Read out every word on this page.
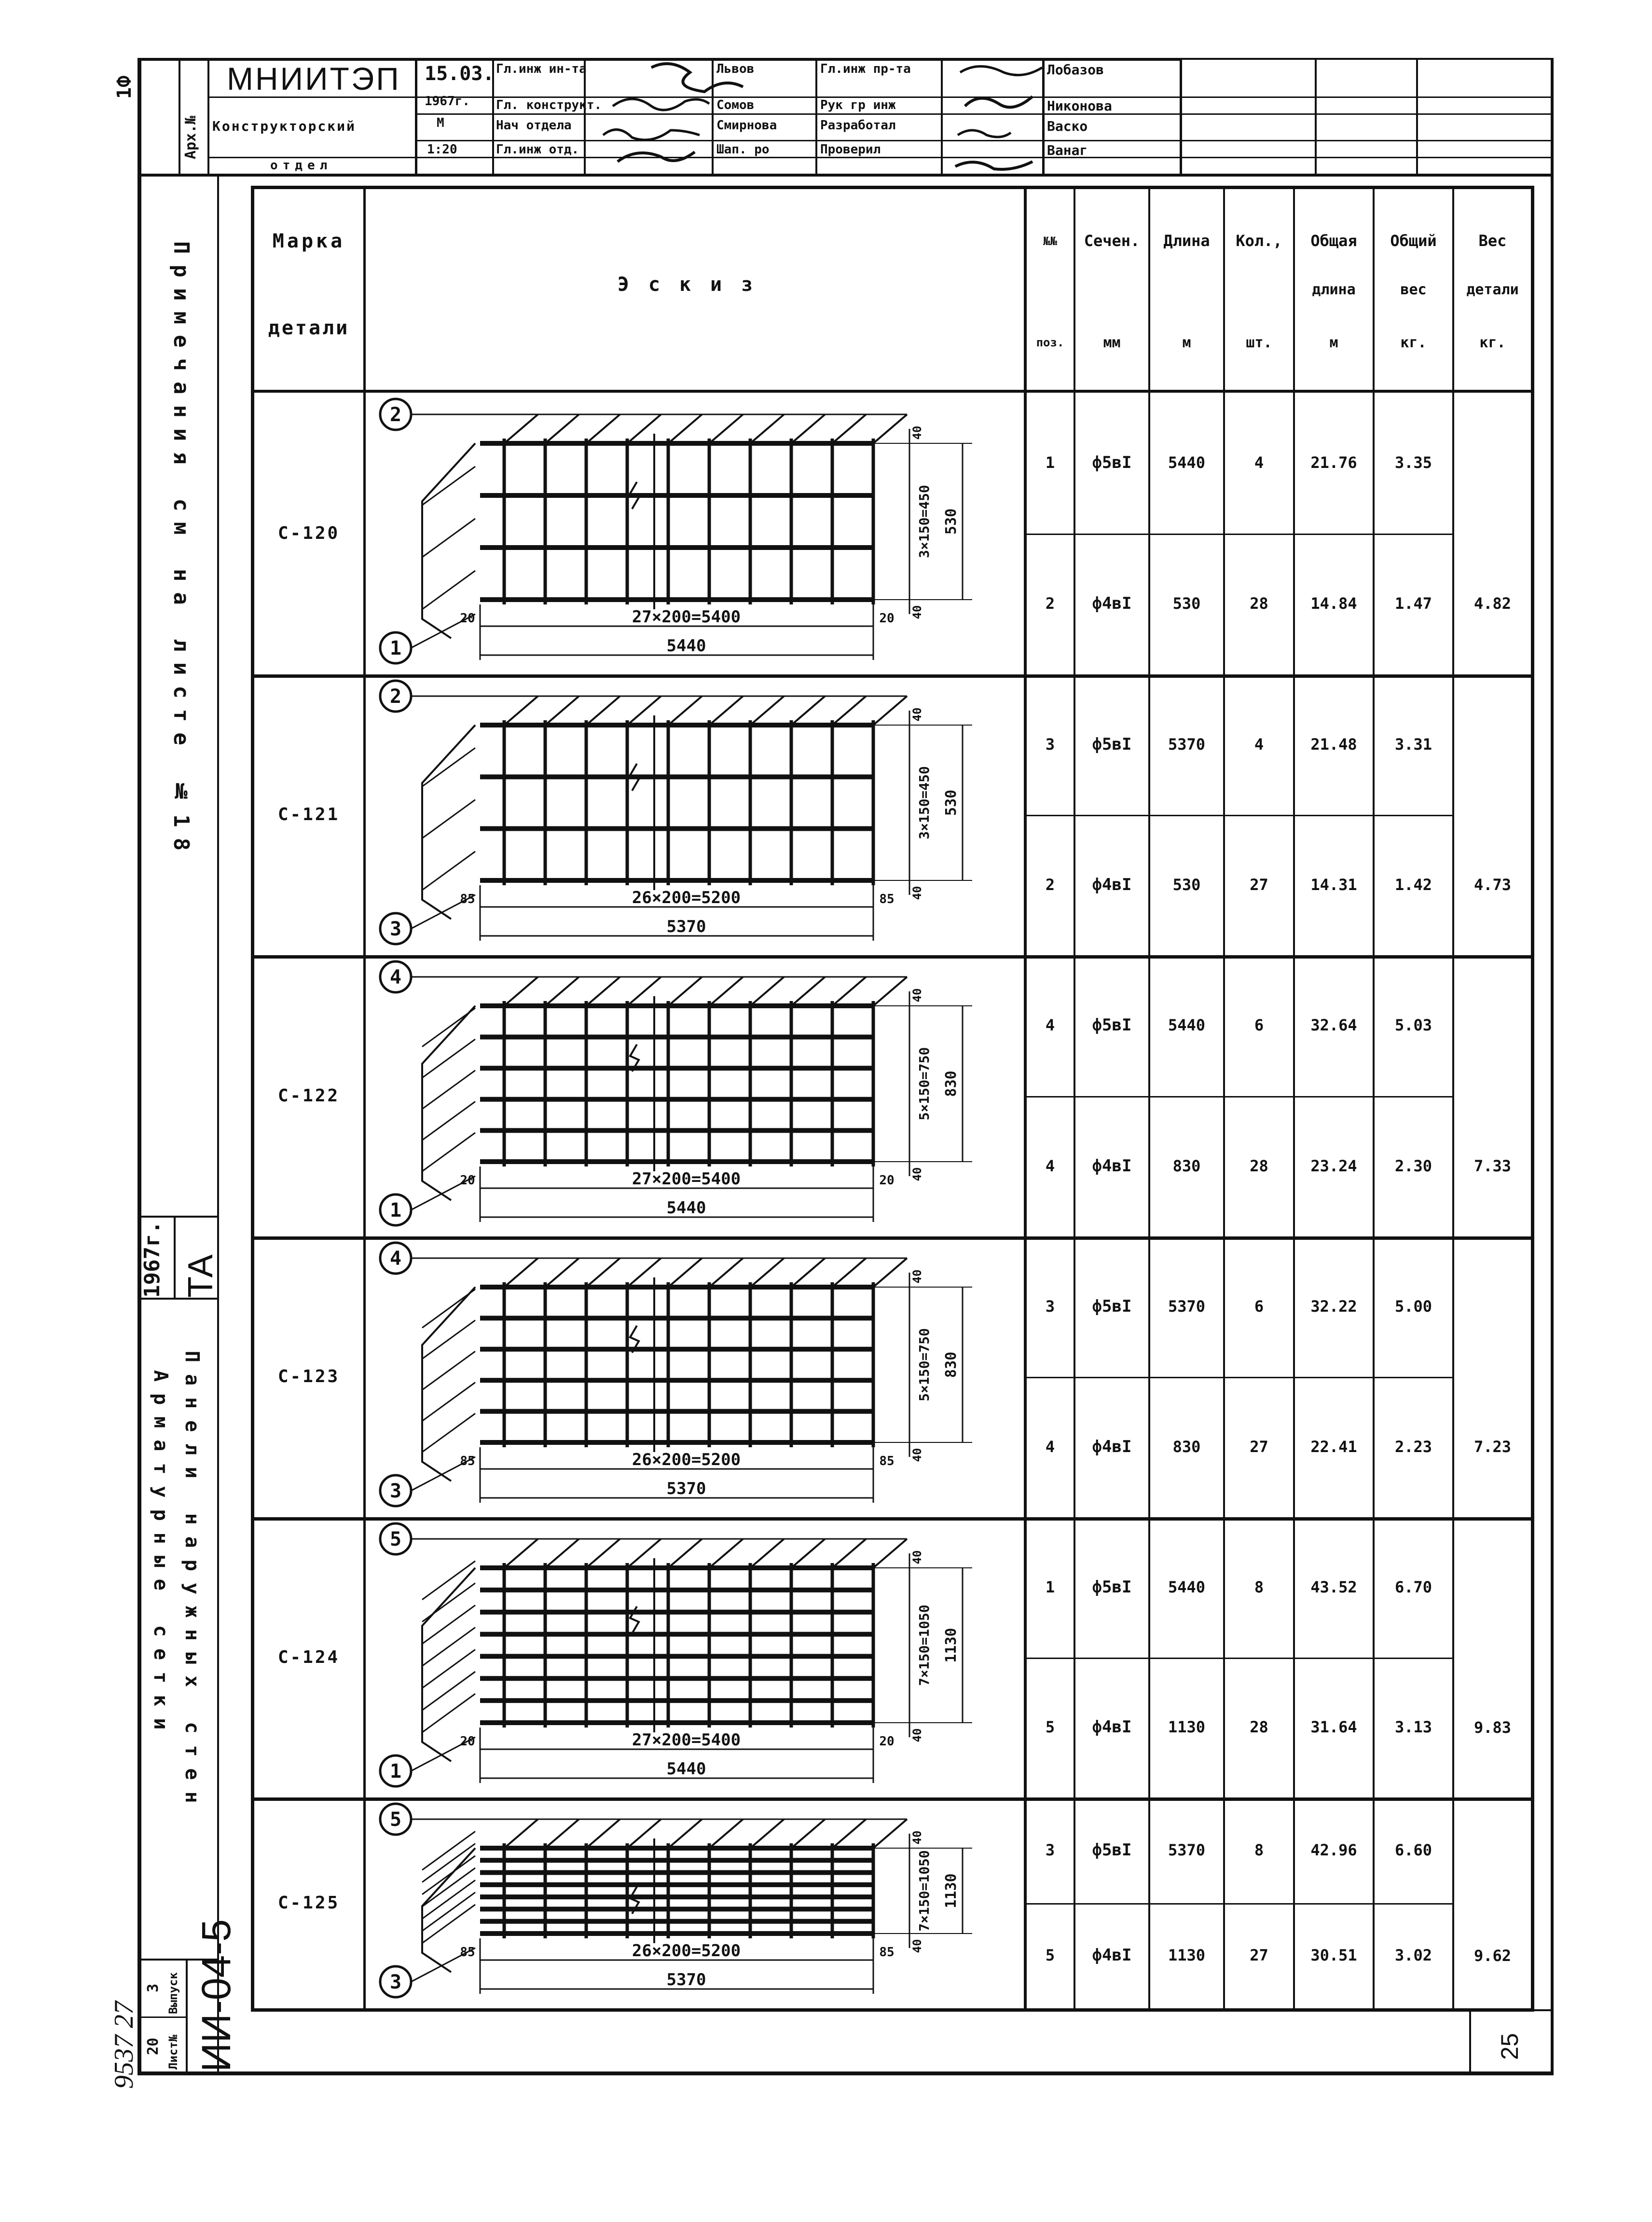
1Ф
Арх.№
МНИИТЭП
Конструкторский
отдел
15.03.
1967г.
М
1:20
Гл.инж ин-та
Гл. конструкт.
Нач отдела
Гл.инж отд.
Львов
Сомов
Смирнова
Шап. ро
Гл.инж пр-та
Рук гр инж
Разработал
Проверил
Лобазов
Никонова
Васко
Ванаг
Примечания см на листе №18
ТА
1967г.
Панели наружных стен
Арматурные сетки
ИИ-04-5
Выпуск
3
Лист№
20
9537 27	25
Марка
детали
Эскиз
№№
поз.
Сечен.
мм
Длина
м
Кол.,
шт.
Общая
длина
м
Общий
вес
кг.
Вес
детали
кг.
С-120
1	ф5вI	5440	4	21.76	3.35
2	ф4вI	530	28	14.84	1.47	4.82
2
1
27×200=5400
5440
20	20
3×150=450 530
40
40
С-121
3	ф5вI	5370	4	21.48	3.31
2	ф4вI	530	27	14.31	1.42	4.73
2
3
26×200=5200
5370
85	85
3×150=450 530
40
40
С-122
4	ф5вI	5440	6	32.64	5.03
4	ф4вI	830	28	23.24	2.30	7.33
4
1
27×200=5400
5440
20	20
5×150=750 830
40
40
С-123
3	ф5вI	5370	6	32.22	5.00
4	ф4вI	830	27	22.41	2.23	7.23
4
3
26×200=5200
5370
85	85
5×150=750 830
40
40
С-124
1	ф5вI	5440	8	43.52	6.70
5	ф4вI	1130	28	31.64	3.13	9.83
5
1
27×200=5400
5440
20	20
7×150=1050 1130
40
40
С-125
3	ф5вI	5370	8	42.96	6.60
5	ф4вI	1130	27	30.51	3.02	9.62
5
3
26×200=5200
5370
85	85
7×150=1050 1130
40
40
